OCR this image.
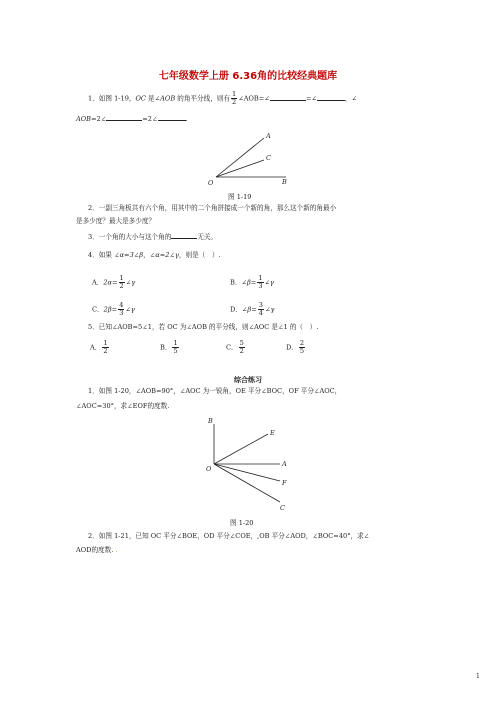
七年级数学上册 6.36角的比较经典题库
1．如图 1-19，OC 是∠AOB 的角平分线，则有 $\frac{1}{2}$ ∠AOB=∠	=∠	，∠
AOB=2∠	=2∠	.
A
C
O	B
图 1-19
2．一副三角板共有六个角，用其中的二个角拼接成一个新的角，那么这个新的角最小
是多少度？最大是多少度？
3．一个角的大小与这个角的	无关。
4．如果 ∠α=3∠β，∠α=2∠γ，则是（　）.
A．$2\alpha= \frac{1}{2}$ ∠γ	B．∠β= $\frac{1}{3}$ ∠γ
C．$2\beta= \frac{4}{3}$ ∠γ	D．∠β= $\frac{3}{4}$ ∠γ
5．已知∠AOB=5∠1，若 OC 为∠AOB 的平分线，则∠AOC 是∠1 的（　）.
A． $\frac{1}{2}$	B． $\frac{1}{5}$	C． $\frac{5}{2}$	D． $\frac{2}{5}$
综合练习
1．如图 1-20，∠AOB=90°，∠AOC 为一锐角，OE 平分∠BOC，OF 平分∠AOC，
∠AOC=30°，求∠EOF的度数.
B
E
O
A
F
C
图 1-20
2．如图 1-21，已知 OC 平分∠BOE，OD 平分∠COE，,OB 平分∠AOD，∠BOC=40°，求∠
AOD的度数. .
1
